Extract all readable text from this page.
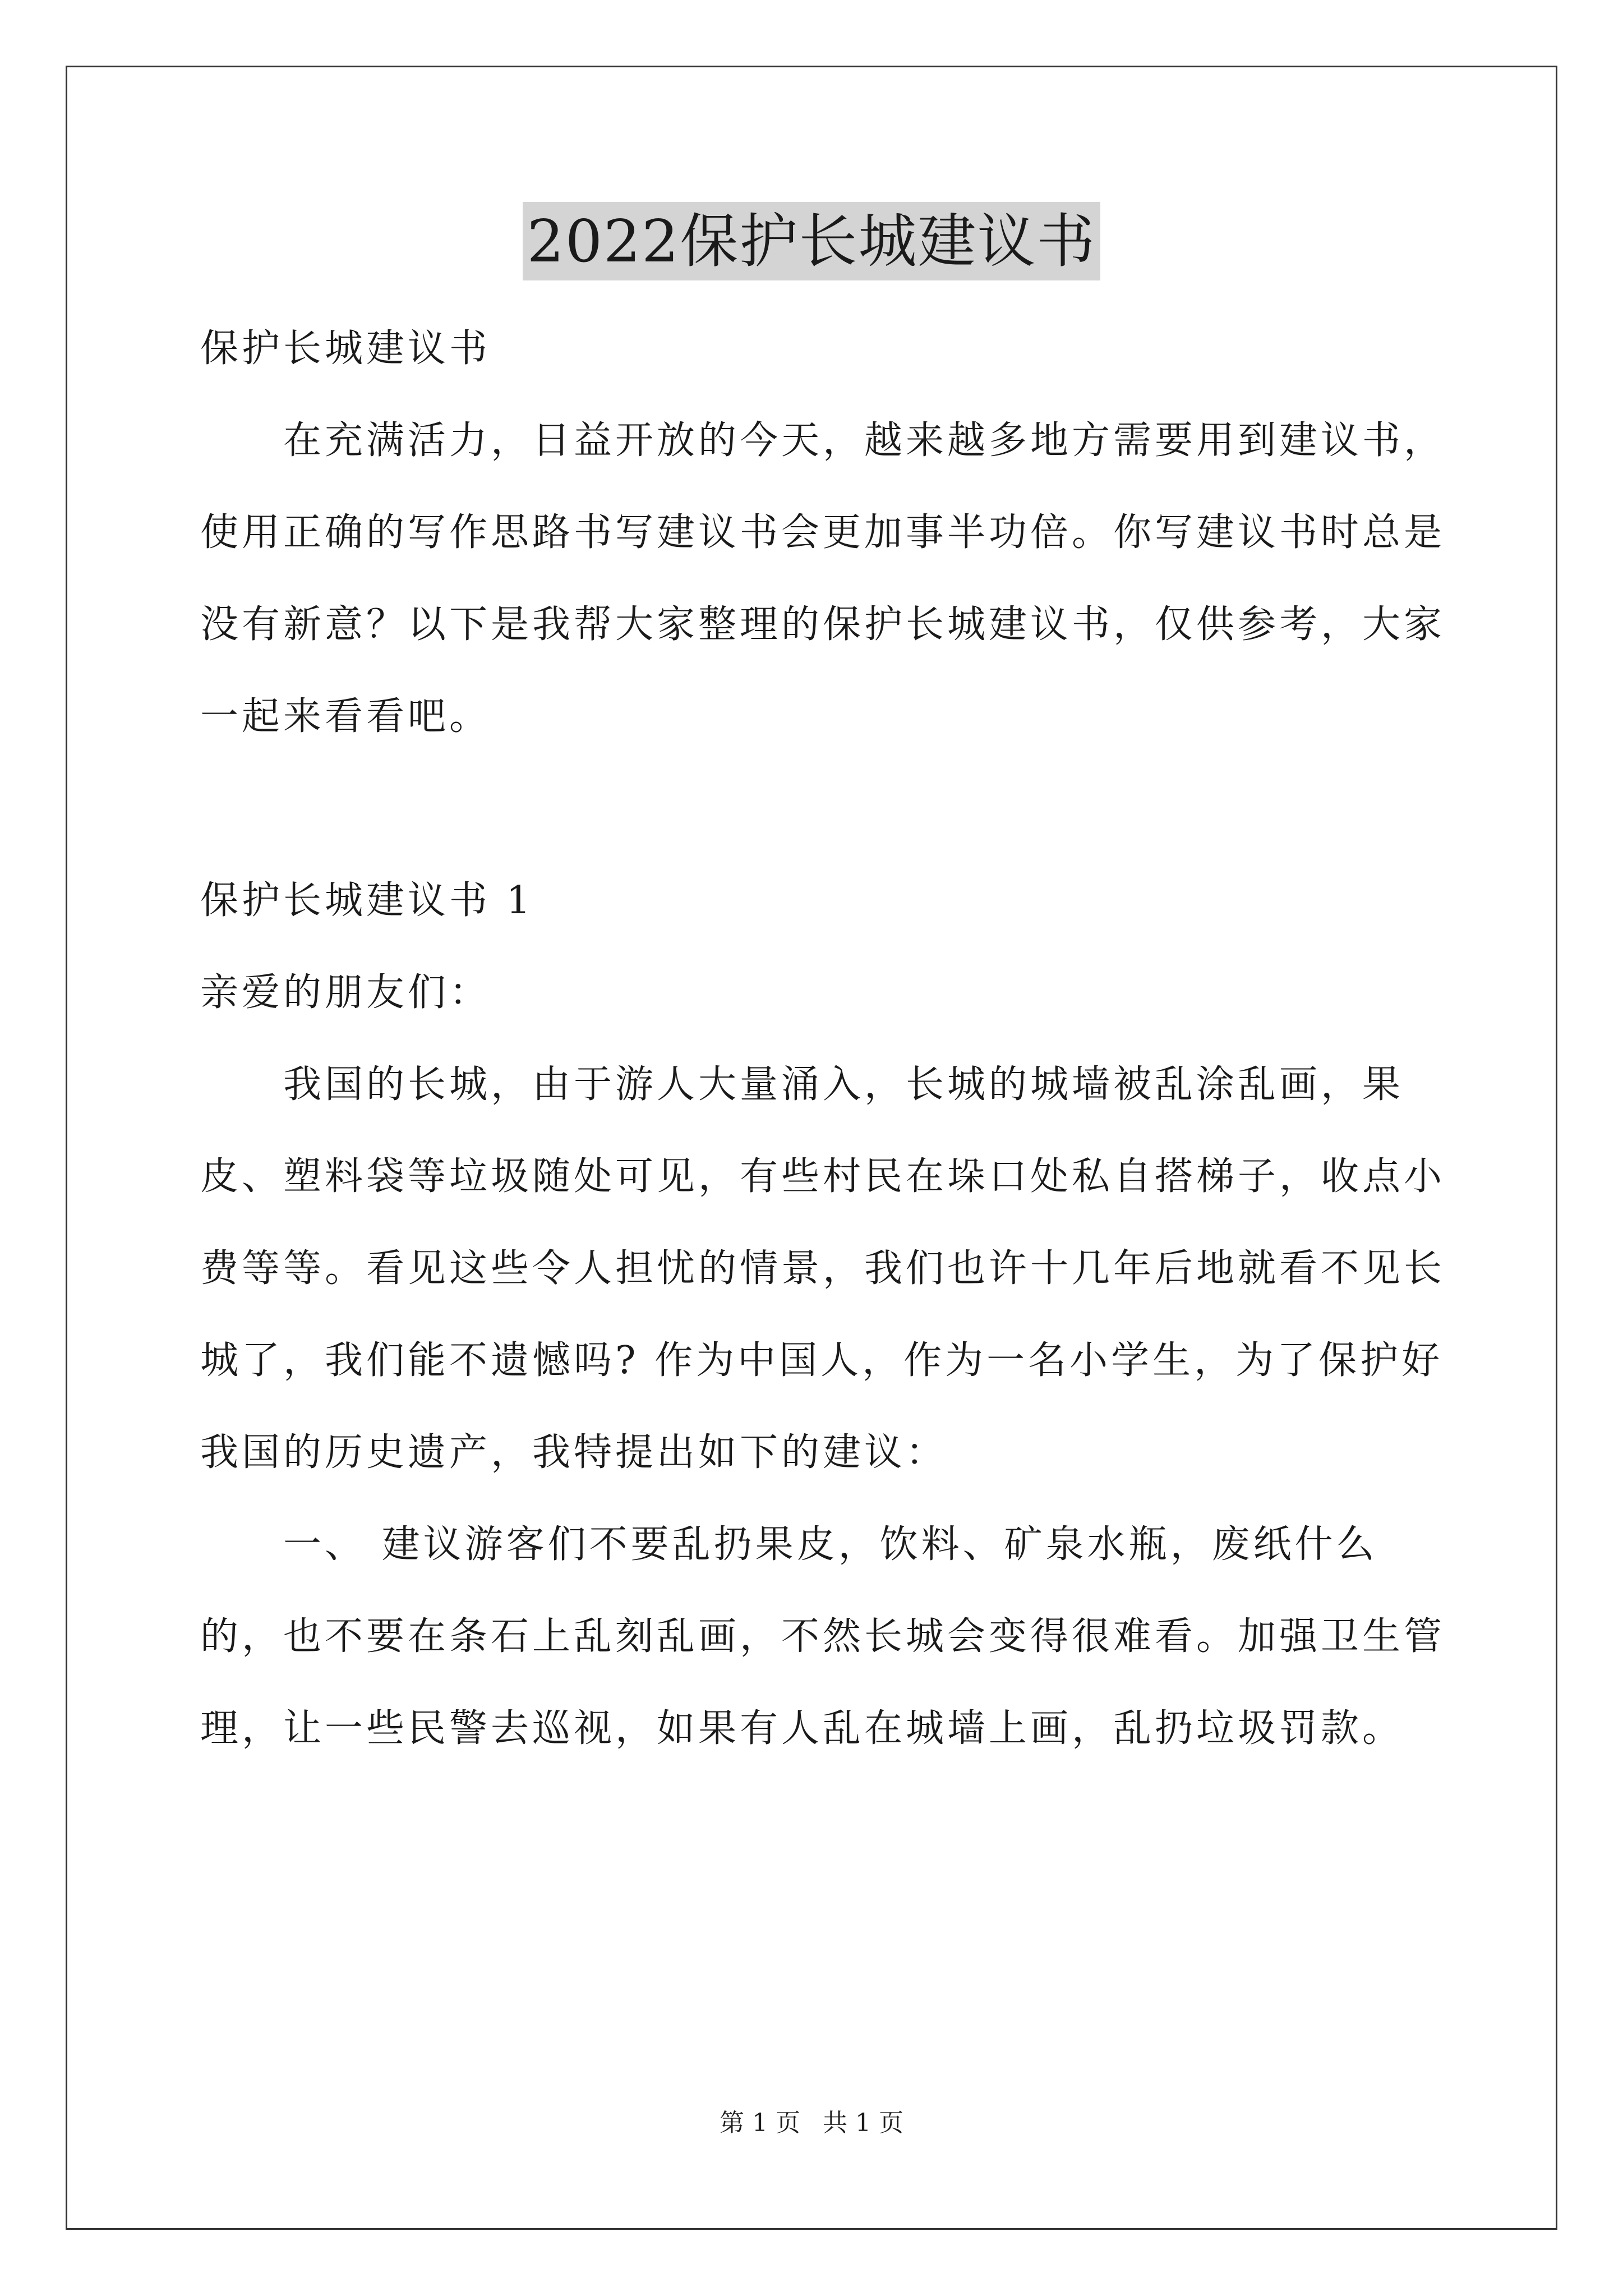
2022保护长城建议书

保护长城建议书

在充满活力，日益开放的今天，越来越多地方需要用到建议书，使用正确的写作思路书写建议书会更加事半功倍。你写建议书时总是没有新意？以下是我帮大家整理的保护长城建议书，仅供参考，大家一起来看看吧。

保护长城建议书 1

亲爱的朋友们：

我国的长城，由于游人大量涌入，长城的城墙被乱涂乱画，果皮、塑料袋等垃圾随处可见，有些村民在垛口处私自搭梯子，收点小费等等。看见这些令人担忧的情景，我们也许十几年后地就看不见长城了，我们能不遗憾吗? 作为中国人，作为一名小学生，为了保护好我国的历史遗产，我特提出如下的建议：

一、 建议游客们不要乱扔果皮，饮料、矿泉水瓶，废纸什么的，也不要在条石上乱刻乱画，不然长城会变得很难看。加强卫生管理，让一些民警去巡视，如果有人乱在城墙上画，乱扔垃圾罚款。

第 1 页 共 1 页
